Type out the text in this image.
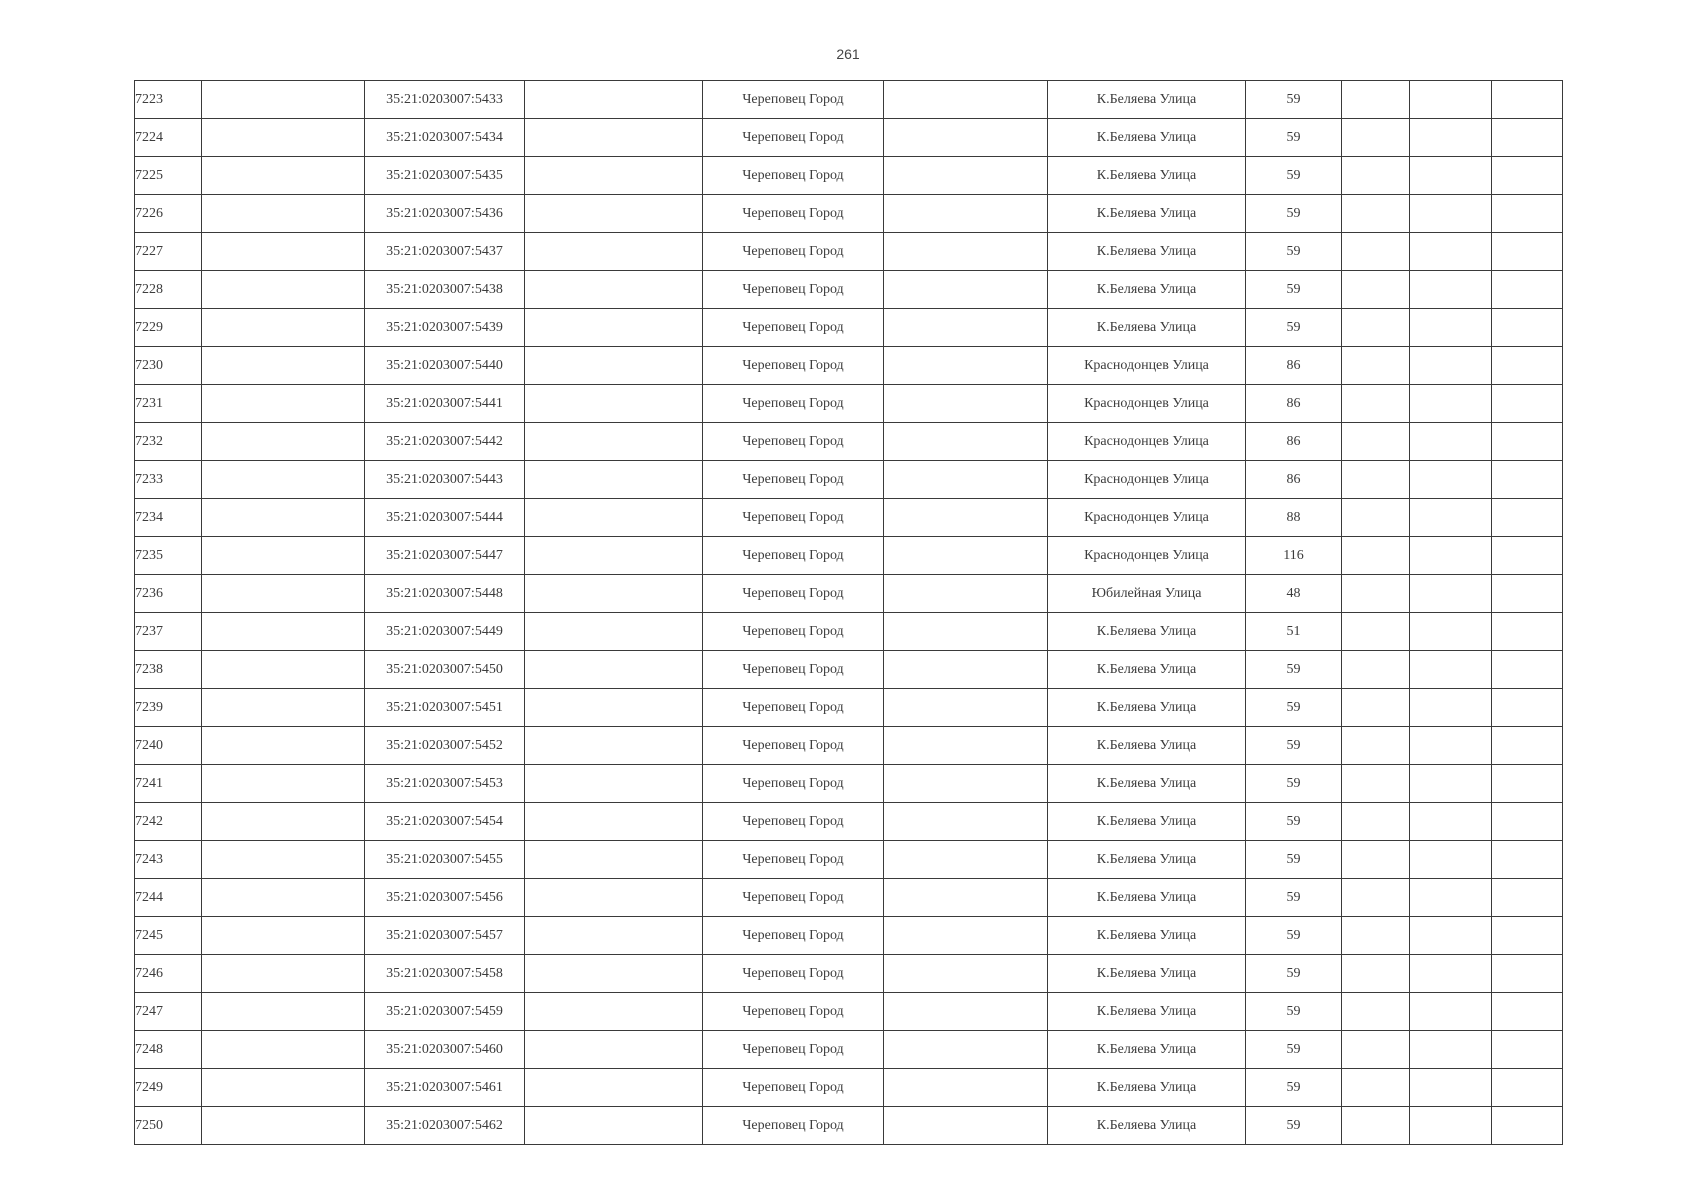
261
7223		35:21:0203007:5433		Череповец Город		К.Беляева Улица	59			
7224		35:21:0203007:5434		Череповец Город		К.Беляева Улица	59			
7225		35:21:0203007:5435		Череповец Город		К.Беляева Улица	59			
7226		35:21:0203007:5436		Череповец Город		К.Беляева Улица	59			
7227		35:21:0203007:5437		Череповец Город		К.Беляева Улица	59			
7228		35:21:0203007:5438		Череповец Город		К.Беляева Улица	59			
7229		35:21:0203007:5439		Череповец Город		К.Беляева Улица	59			
7230		35:21:0203007:5440		Череповец Город		Краснодонцев Улица	86			
7231		35:21:0203007:5441		Череповец Город		Краснодонцев Улица	86			
7232		35:21:0203007:5442		Череповец Город		Краснодонцев Улица	86			
7233		35:21:0203007:5443		Череповец Город		Краснодонцев Улица	86			
7234		35:21:0203007:5444		Череповец Город		Краснодонцев Улица	88			
7235		35:21:0203007:5447		Череповец Город		Краснодонцев Улица	116			
7236		35:21:0203007:5448		Череповец Город		Юбилейная Улица	48			
7237		35:21:0203007:5449		Череповец Город		К.Беляева Улица	51			
7238		35:21:0203007:5450		Череповец Город		К.Беляева Улица	59			
7239		35:21:0203007:5451		Череповец Город		К.Беляева Улица	59			
7240		35:21:0203007:5452		Череповец Город		К.Беляева Улица	59			
7241		35:21:0203007:5453		Череповец Город		К.Беляева Улица	59			
7242		35:21:0203007:5454		Череповец Город		К.Беляева Улица	59			
7243		35:21:0203007:5455		Череповец Город		К.Беляева Улица	59			
7244		35:21:0203007:5456		Череповец Город		К.Беляева Улица	59			
7245		35:21:0203007:5457		Череповец Город		К.Беляева Улица	59			
7246		35:21:0203007:5458		Череповец Город		К.Беляева Улица	59			
7247		35:21:0203007:5459		Череповец Город		К.Беляева Улица	59			
7248		35:21:0203007:5460		Череповец Город		К.Беляева Улица	59			
7249		35:21:0203007:5461		Череповец Город		К.Беляева Улица	59			
7250		35:21:0203007:5462		Череповец Город		К.Беляева Улица	59			
